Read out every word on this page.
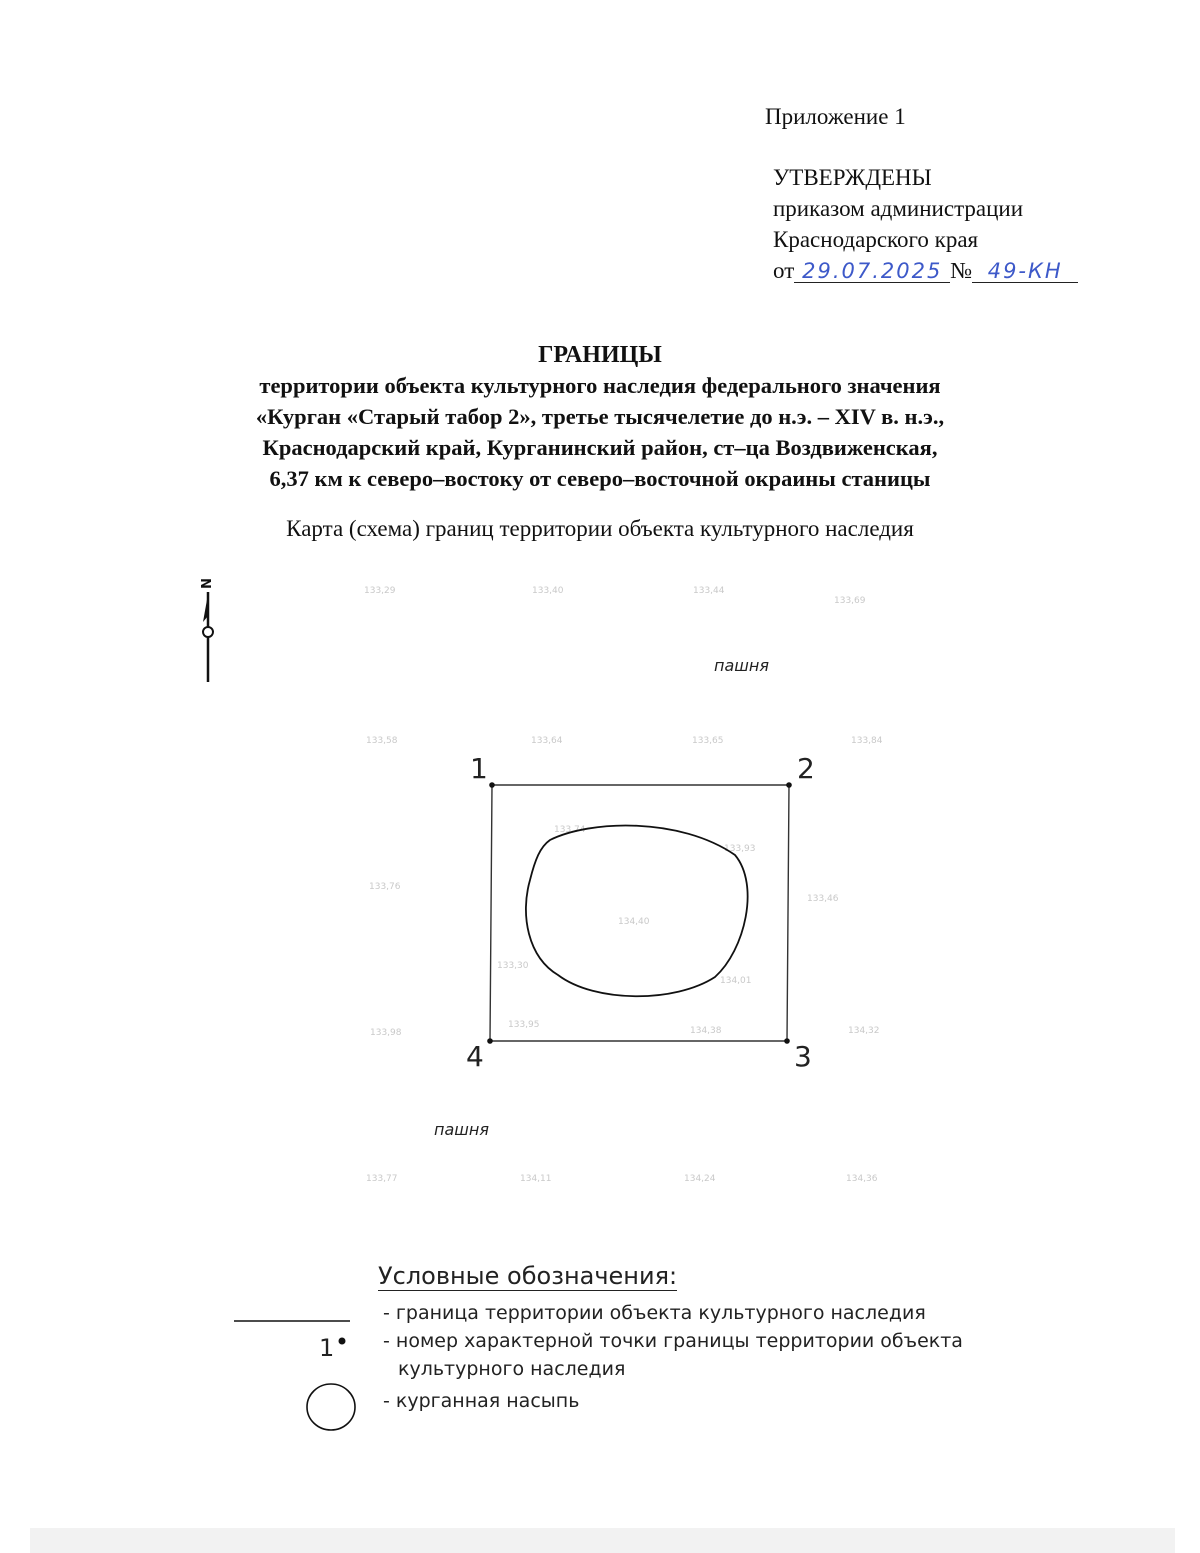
Приложение 1
УТВЕРЖДЕНЫ
приказом администрации
Краснодарского края
от 29.07.2025 № 49-КН
ГРАНИЦЫ
территории объекта культурного наследия федерального значения
«Курган «Старый табор 2», третье тысячелетие до н.э. – XIV в. н.э.,
Краснодарский край, Курганинский район, ст–ца Воздвиженская,
6,37 км к северо–востоку от северо–восточной окраины станицы
Карта (схема) границ территории объекта культурного наследия
N
пашня
пашня
133,29	133,40	133,44
133,69
133,58	133,64	133,65	133,84
133,74
133,93
133,76
133,46
134,40
133,30
134,01
133,98
133,95
134,38	134,32
133,77	134,11	134,24	134,36
1	2
3
4
Условные обозначения:
- граница территории объекта культурного наследия
1	- номер характерной точки границы территории объекта
культурного наследия
- курганная насыпь
